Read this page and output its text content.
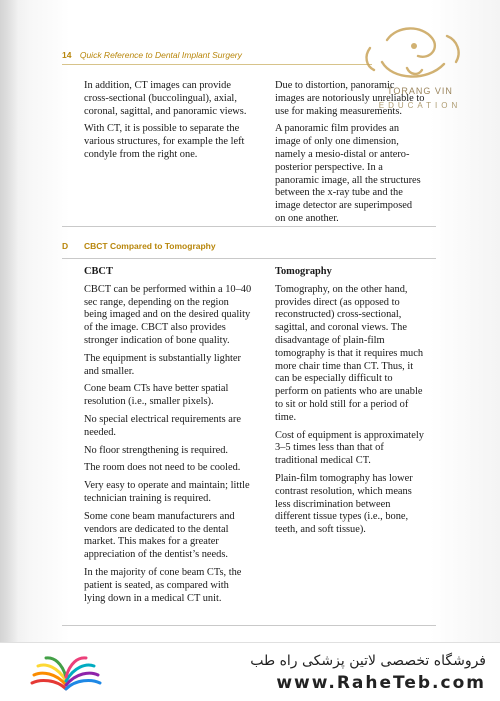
14 Quick Reference to Dental Implant Surgery
TORANG VIN
EDUCATION

In addition, CT images can provide cross-sectional (buccolingual), axial, coronal, sagittal, and panoramic views.

With CT, it is possible to separate the various structures, for example the left condyle from the right one.

Due to distortion, panoramic images are notoriously unreliable to use for making measurements.

A panoramic film provides an image of only one dimension, namely a mesio-distal or antero-posterior perspective. In a panoramic image, all the structures between the x-ray tube and the image detector are superimposed on one another.

D CBCT Compared to Tomography

CBCT

CBCT can be performed within a 10–40 sec range, depending on the region being imaged and on the desired quality of the image. CBCT also provides stronger indication of bone quality.

The equipment is substantially lighter and smaller.

Cone beam CTs have better spatial resolution (i.e., smaller pixels).

No special electrical requirements are needed.

No floor strengthening is required.

The room does not need to be cooled.

Very easy to operate and maintain; little technician training is required.

Some cone beam manufacturers and vendors are dedicated to the dental market. This makes for a greater appreciation of the dentist’s needs.

In the majority of cone beam CTs, the patient is seated, as compared with lying down in a medical CT unit.

Tomography

Tomography, on the other hand, provides direct (as opposed to reconstructed) cross-sectional, sagittal, and coronal views. The disadvantage of plain-film tomography is that it requires much more chair time than CT. Thus, it can be especially difficult to perform on patients who are unable to sit or hold still for a period of time.

Cost of equipment is approximately 3–5 times less than that of traditional medical CT.

Plain-film tomography has lower contrast resolution, which means less discrimination between different tissue types (i.e., bone, teeth, and soft tissue).

فروشگاه تخصصی لاتین پزشکی راه طب
www.RaheTeb.com
